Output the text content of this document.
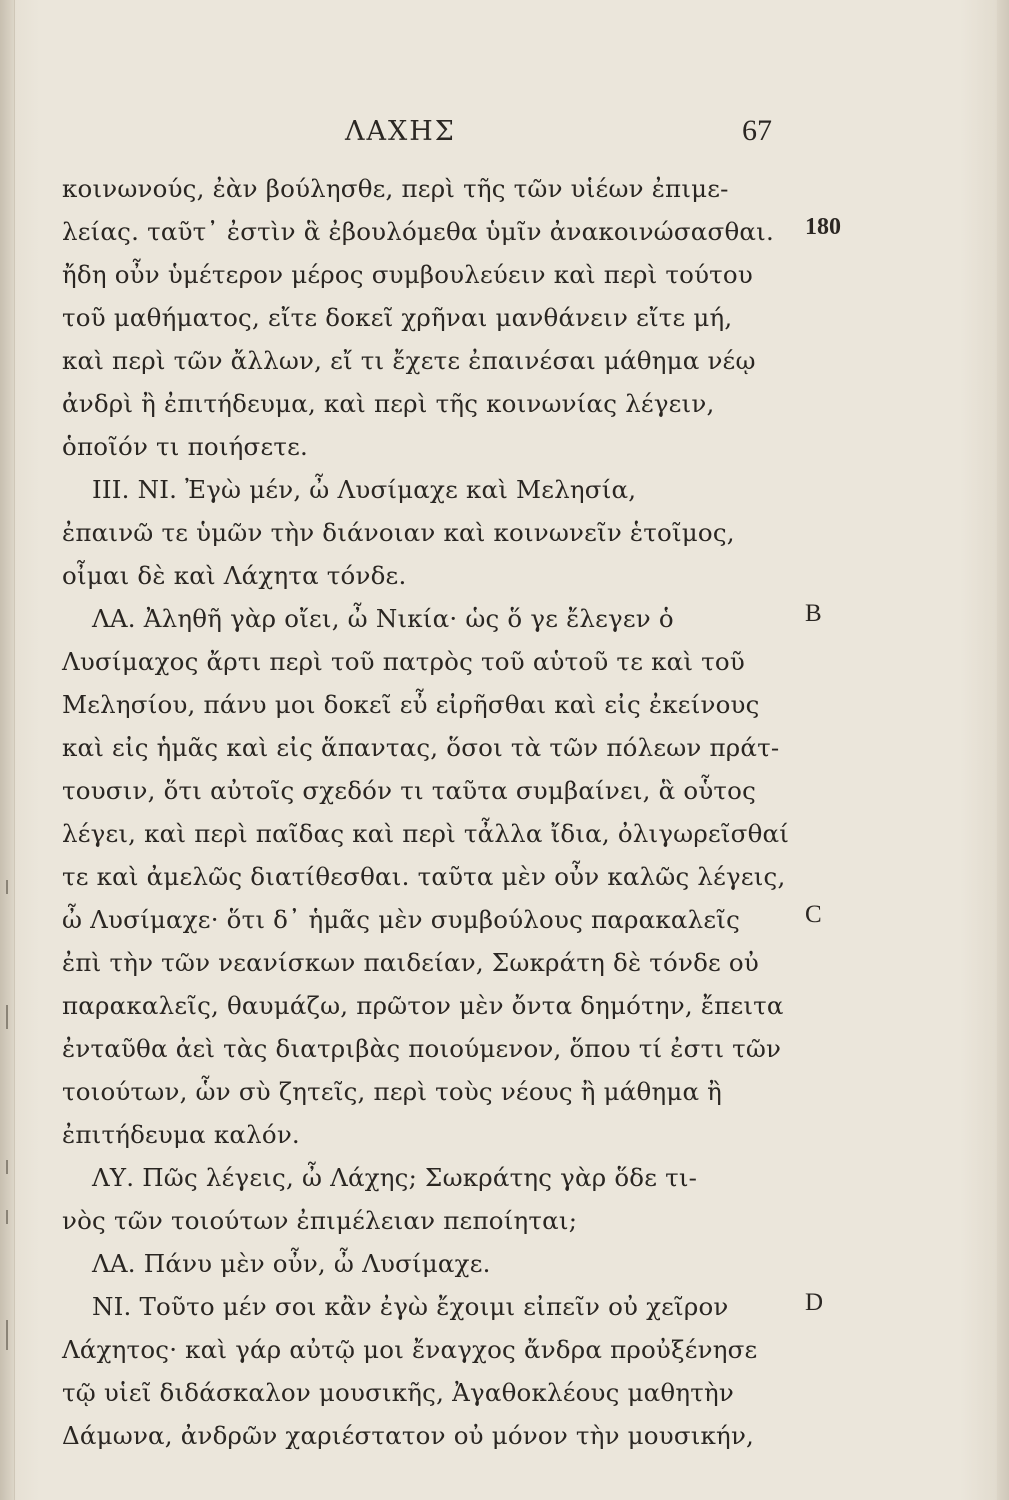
ΛΑΧΗΣ	67
κοινωνούς, ἐὰν βούλησθε, περὶ τῆς τῶν υἱέων ἐπιμε-
λείας. ταῦτ᾽ ἐστὶν ἃ ἐβουλόμεθα ὑμῖν ἀνακοινώσασθαι.
ἤδη οὖν ὑμέτερον μέρος συμβουλεύειν καὶ περὶ τούτου
τοῦ μαθήματος, εἴτε δοκεῖ χρῆναι μανθάνειν εἴτε μή,
καὶ περὶ τῶν ἄλλων, εἴ τι ἔχετε ἐπαινέσαι μάθημα νέῳ
ἀνδρὶ ἢ ἐπιτήδευμα, καὶ περὶ τῆς κοινωνίας λέγειν,
ὁποῖόν τι ποιήσετε.
III. ΝΙ. Ἐγὼ μέν, ὦ Λυσίμαχε καὶ Μελησία,
ἐπαινῶ τε ὑμῶν τὴν διάνοιαν καὶ κοινωνεῖν ἑτοῖμος,
οἶμαι δὲ καὶ Λάχητα τόνδε.
ΛΑ. Ἀληθῆ γὰρ οἴει, ὦ Νικία· ὡς ὅ γε ἔλεγεν ὁ
Λυσίμαχος ἄρτι περὶ τοῦ πατρὸς τοῦ αὑτοῦ τε καὶ τοῦ
Μελησίου, πάνυ μοι δοκεῖ εὖ εἰρῆσθαι καὶ εἰς ἐκείνους
καὶ εἰς ἡμᾶς καὶ εἰς ἅπαντας, ὅσοι τὰ τῶν πόλεων πράτ-
τουσιν, ὅτι αὐτοῖς σχεδόν τι ταῦτα συμβαίνει, ἃ οὗτος
λέγει, καὶ περὶ παῖδας καὶ περὶ τἆλλα ἴδια, ὀλιγωρεῖσθαί
τε καὶ ἀμελῶς διατίθεσθαι. ταῦτα μὲν οὖν καλῶς λέγεις,
ὦ Λυσίμαχε· ὅτι δ᾽ ἡμᾶς μὲν συμβούλους παρακαλεῖς
ἐπὶ τὴν τῶν νεανίσκων παιδείαν, Σωκράτη δὲ τόνδε οὐ
παρακαλεῖς, θαυμάζω, πρῶτον μὲν ὄντα δημότην, ἔπειτα
ἐνταῦθα ἀεὶ τὰς διατριβὰς ποιούμενον, ὅπου τί ἐστι τῶν
τοιούτων, ὧν σὺ ζητεῖς, περὶ τοὺς νέους ἢ μάθημα ἢ
ἐπιτήδευμα καλόν.
ΛΥ. Πῶς λέγεις, ὦ Λάχης; Σωκράτης γὰρ ὅδε τι-
νὸς τῶν τοιούτων ἐπιμέλειαν πεποίηται;
ΛΑ. Πάνυ μὲν οὖν, ὦ Λυσίμαχε.
ΝΙ. Τοῦτο μέν σοι κἂν ἐγὼ ἔχοιμι εἰπεῖν οὐ χεῖρον
Λάχητος· καὶ γάρ αὐτῷ μοι ἔναγχος ἄνδρα προὐξένησε
τῷ υἱεῖ διδάσκαλον μουσικῆς, Ἀγαθοκλέους μαθητὴν
Δάμωνα, ἀνδρῶν χαριέστατον οὐ μόνον τὴν μουσικήν,
180
B
C
D
